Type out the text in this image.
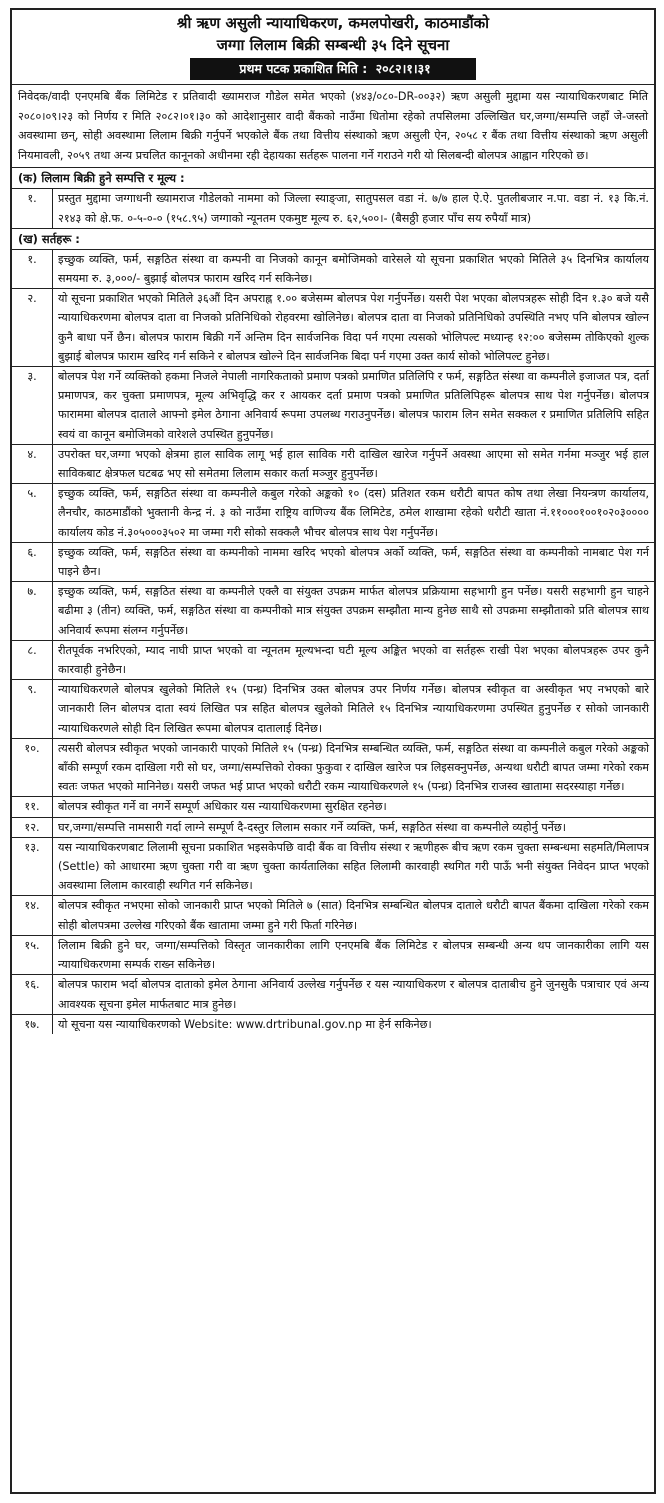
श्री ऋण असुली न्यायाधिकरण, कमलपोखरी, काठमाडौंको
जग्गा लिलाम बिक्री सम्बन्धी ३५ दिने सूचना
प्रथम पटक प्रकाशित मिति : २०८२।१।३१
निवेदक/वादी एनएमबि बैंक लिमिटेड र प्रतिवादी ख्यामराज गौडेल समेत भएको (४४३/०८०-DR-००३२) ऋण असुली मुद्दामा यस न्यायाधिकरणबाट मिति २०८०।०९।२३ को निर्णय र मिति २०८२।०१।३० को आदेशानुसार वादी बैंकको नाउँमा धितोमा रहेको तपसिलमा उल्लिखित घर,जग्गा/सम्पत्ति जहाँ जे-जस्तो अवस्थामा छन्, सोही अवस्थामा लिलाम बिक्री गर्नुपर्ने भएकोले बैंक तथा वित्तीय संस्थाको ऋण असुली ऐन, २०५८ र बैंक तथा वित्तीय संस्थाको ऋण असुली नियमावली, २०५९ तथा अन्य प्रचलित कानूनको अधीनमा रही देहायका सर्तहरू पालना गर्ने गराउने गरी यो सिलबन्दी बोलपत्र आह्वान गरिएको छ।
(क) लिलाम बिक्री हुने सम्पत्ति र मूल्य :
१.	प्रस्तुत मुद्दामा जग्गाधनी ख्यामराज गौडेलको नाममा को जिल्ला स्याङ्जा, सातुपसल वडा नं. ७/७ हाल ऐ.ऐ. पुतलीबजार न.पा. वडा नं. १३ कि.नं. २१४३ को क्षे.फ. ०-५-०-० (१५८.९५) जग्गाको न्यूनतम एकमुष्ट मूल्य रु. ६२,५००।- (बैसठ्ठी हजार पाँच सय रुपैयाँ मात्र)
(ख) सर्तहरू :
१.	इच्छुक व्यक्ति, फर्म, सङ्गठित संस्था वा कम्पनी वा निजको कानून बमोजिमको वारेसले यो सूचना प्रकाशित भएको मितिले ३५ दिनभित्र कार्यालय समयमा रु. ३,०००/- बुझाई बोलपत्र फाराम खरिद गर्न सकिनेछ।
२.	यो सूचना प्रकाशित भएको मितिले ३६औं दिन अपराह्न १.०० बजेसम्म बोलपत्र पेश गर्नुपर्नेछ। यसरी पेश भएका बोलपत्रहरू सोही दिन १.३० बजे यसै न्यायाधिकरणमा बोलपत्र दाता वा निजको प्रतिनिधिको रोहवरमा खोलिनेछ। बोलपत्र दाता वा निजको प्रतिनिधिको उपस्थिति नभए पनि बोलपत्र खोल्न कुनै बाधा पर्ने छैन। बोलपत्र फाराम बिक्री गर्ने अन्तिम दिन सार्वजनिक विदा पर्न गएमा त्यसको भोलिपल्ट मध्यान्ह १२:०० बजेसम्म तोकिएको शुल्क बुझाई बोलपत्र फाराम खरिद गर्न सकिने र बोलपत्र खोल्ने दिन सार्वजनिक बिदा पर्न गएमा उक्त कार्य सोको भोलिपल्ट हुनेछ।
३.	बोलपत्र पेश गर्ने व्यक्तिको हकमा निजले नेपाली नागरिकताको प्रमाण पत्रको प्रमाणित प्रतिलिपि र फर्म, सङ्गठित संस्था वा कम्पनीले इजाजत पत्र, दर्ता प्रमाणपत्र, कर चुक्ता प्रमाणपत्र, मूल्य अभिवृद्धि कर र आयकर दर्ता प्रमाण पत्रको प्रमाणित प्रतिलिपिहरू बोलपत्र साथ पेश गर्नुपर्नेछ। बोलपत्र फाराममा बोलपत्र दाताले आफ्नो इमेल ठेगाना अनिवार्य रूपमा उपलब्ध गराउनुपर्नेछ। बोलपत्र फाराम लिन समेत सक्कल र प्रमाणित प्रतिलिपि सहित स्वयं वा कानून बमोजिमको वारेशले उपस्थित हुनुपर्नेछ।
४.	उपरोक्त घर,जग्गा भएको क्षेत्रमा हाल साविक लागू भई हाल साविक गरी दाखिल खारेज गर्नुपर्ने अवस्था आएमा सो समेत गर्नमा मञ्जुर भई हाल साविकबाट क्षेत्रफल घटबढ भए सो समेतमा लिलाम सकार कर्ता मञ्जुर हुनुपर्नेछ।
५.	इच्छुक व्यक्ति, फर्म, सङ्गठित संस्था वा कम्पनीले कबुल गरेको अङ्कको १० (दस) प्रतिशत रकम धरौटी बापत कोष तथा लेखा नियन्त्रण कार्यालय, लैनचौर, काठमाडौंको भुक्तानी केन्द्र नं. ३ को नाउँमा राष्ट्रिय वाणिज्य बैंक लिमिटेड, ठमेल शाखामा रहेको धरौटी खाता नं.११०००१००१०२०३०००० कार्यालय कोड नं.३०५०००३५०२ मा जम्मा गरी सोको सक्कलै भौचर बोलपत्र साथ पेश गर्नुपर्नेछ।
६.	इच्छुक व्यक्ति, फर्म, सङ्गठित संस्था वा कम्पनीको नाममा खरिद भएको बोलपत्र अर्को व्यक्ति, फर्म, सङ्गठित संस्था वा कम्पनीको नामबाट पेश गर्न पाइने छैन।
७.	इच्छुक व्यक्ति, फर्म, सङ्गठित संस्था वा कम्पनीले एक्लै वा संयुक्त उपक्रम मार्फत बोलपत्र प्रक्रियामा सहभागी हुन पर्नेछ। यसरी सहभागी हुन चाहने बढीमा ३ (तीन) व्यक्ति, फर्म, सङ्गठित संस्था वा कम्पनीको मात्र संयुक्त उपक्रम सम्झौता मान्य हुनेछ साथै सो उपक्रमा सम्झौताको प्रति बोलपत्र साथ अनिवार्य रूपमा संलग्न गर्नुपर्नेछ।
८.	रीतपूर्वक नभरिएको, म्याद नाघी प्राप्त भएको वा न्यूनतम मूल्यभन्दा घटी मूल्य अङ्कित भएको वा सर्तहरू राखी पेश भएका बोलपत्रहरू उपर कुनै कारवाही हुनेछैन।
९.	न्यायाधिकरणले बोलपत्र खुलेको मितिले १५ (पन्ध्र) दिनभित्र उक्त बोलपत्र उपर निर्णय गर्नेछ। बोलपत्र स्वीकृत वा अस्वीकृत भए नभएको बारे जानकारी लिन बोलपत्र दाता स्वयं लिखित पत्र सहित बोलपत्र खुलेको मितिले १५ दिनभित्र न्यायाधिकरणमा उपस्थित हुनुपर्नेछ र सोको जानकारी न्यायाधिकरणले सोही दिन लिखित रूपमा बोलपत्र दातालाई दिनेछ।
१०.	त्यसरी बोलपत्र स्वीकृत भएको जानकारी पाएको मितिले १५ (पन्ध्र) दिनभित्र सम्बन्धित व्यक्ति, फर्म, सङ्गठित संस्था वा कम्पनीले कबुल गरेको अङ्कको बाँकी सम्पूर्ण रकम दाखिला गरी सो घर, जग्गा/सम्पत्तिको रोक्का फुकुवा र दाखिल खारेज पत्र लिइसक्नुपर्नेछ, अन्यथा धरौटी बापत जम्मा गरेको रकम स्वतः जफत भएको मानिनेछ। यसरी जफत भई प्राप्त भएको धरौटी रकम न्यायाधिकरणले १५ (पन्ध्र) दिनभित्र राजस्व खातामा सदरस्याहा गर्नेछ।
११.	बोलपत्र स्वीकृत गर्ने वा नगर्ने सम्पूर्ण अधिकार यस न्यायाधिकरणमा सुरक्षित रहनेछ।
१२.	घर,जग्गा/सम्पत्ति नामसारी गर्दा लाग्ने सम्पूर्ण दै-दस्तुर लिलाम सकार गर्ने व्यक्ति, फर्म, सङ्गठित संस्था वा कम्पनीले व्यहोर्नु पर्नेछ।
१३.	यस न्यायाधिकरणबाट लिलामी सूचना प्रकाशित भइसकेपछि वादी बैंक वा वित्तीय संस्था र ऋणीहरू बीच ऋण रकम चुक्ता सम्बन्धमा सहमति/मिलापत्र (Settle) को आधारमा ऋण चुक्ता गरी वा ऋण चुक्ता कार्यतालिका सहित लिलामी कारवाही स्थगित गरी पाऊँ भनी संयुक्त निवेदन प्राप्त भएको अवस्थामा लिलाम कारवाही स्थगित गर्न सकिनेछ।
१४.	बोलपत्र स्वीकृत नभएमा सोको जानकारी प्राप्त भएको मितिले ७ (सात) दिनभित्र सम्बन्धित बोलपत्र दाताले धरौटी बापत बैंकमा दाखिला गरेको रकम सोही बोलपत्रमा उल्लेख गरिएको बैंक खातामा जम्मा हुने गरी फिर्ता गरिनेछ।
१५.	लिलाम बिक्री हुने घर, जग्गा/सम्पत्तिको विस्तृत जानकारीका लागि एनएमबि बैंक लिमिटेड र बोलपत्र सम्बन्धी अन्य थप जानकारीका लागि यस न्यायाधिकरणमा सम्पर्क राख्न सकिनेछ।
१६.	बोलपत्र फाराम भर्दा बोलपत्र दाताको इमेल ठेगाना अनिवार्य उल्लेख गर्नुपर्नेछ र यस न्यायाधिकरण र बोलपत्र दाताबीच हुने जुनसुकै पत्राचार एवं अन्य आवश्यक सूचना इमेल मार्फतबाट मात्र हुनेछ।
१७.	यो सूचना यस न्यायाधिकरणको Website: www.drtribunal.gov.np मा हेर्न सकिनेछ।
